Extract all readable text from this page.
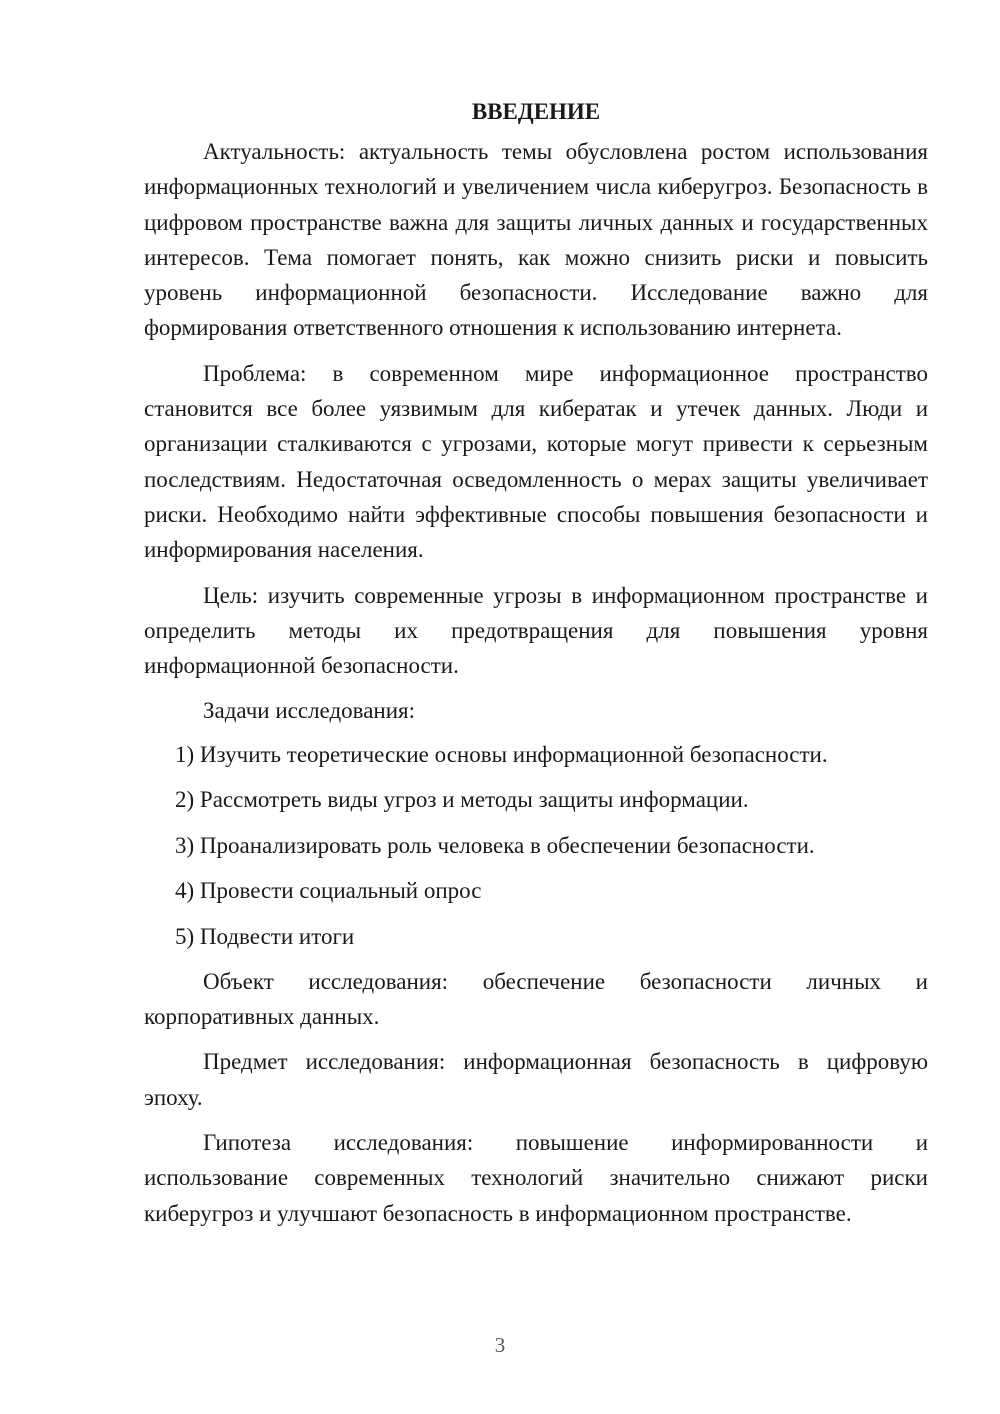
ВВЕДЕНИЕ

Актуальность: актуальность темы обусловлена ростом использования информационных технологий и увеличением числа киберугроз. Безопасность в цифровом пространстве важна для защиты личных данных и государственных интересов. Тема помогает понять, как можно снизить риски и повысить уровень информационной безопасности. Исследование важно для формирования ответственного отношения к использованию интернета.

Проблема: в современном мире информационное пространство становится все более уязвимым для кибератак и утечек данных. Люди и организации сталкиваются с угрозами, которые могут привести к серьезным последствиям. Недостаточная осведомленность о мерах защиты увеличивает риски. Необходимо найти эффективные способы повышения безопасности и информирования населения.

Цель: изучить современные угрозы в информационном пространстве и определить методы их предотвращения для повышения уровня информационной безопасности.

Задачи исследования:

1) Изучить теоретические основы информационной безопасности.
2) Рассмотреть виды угроз и методы защиты информации.
3) Проанализировать роль человека в обеспечении безопасности.
4) Провести социальный опрос
5) Подвести итоги

Объект исследования: обеспечение безопасности личных и корпоративных данных.

Предмет исследования: информационная безопасность в цифровую эпоху.

Гипотеза исследования: повышение информированности и использование современных технологий значительно снижают риски киберугроз и улучшают безопасность в информационном пространстве.

3
